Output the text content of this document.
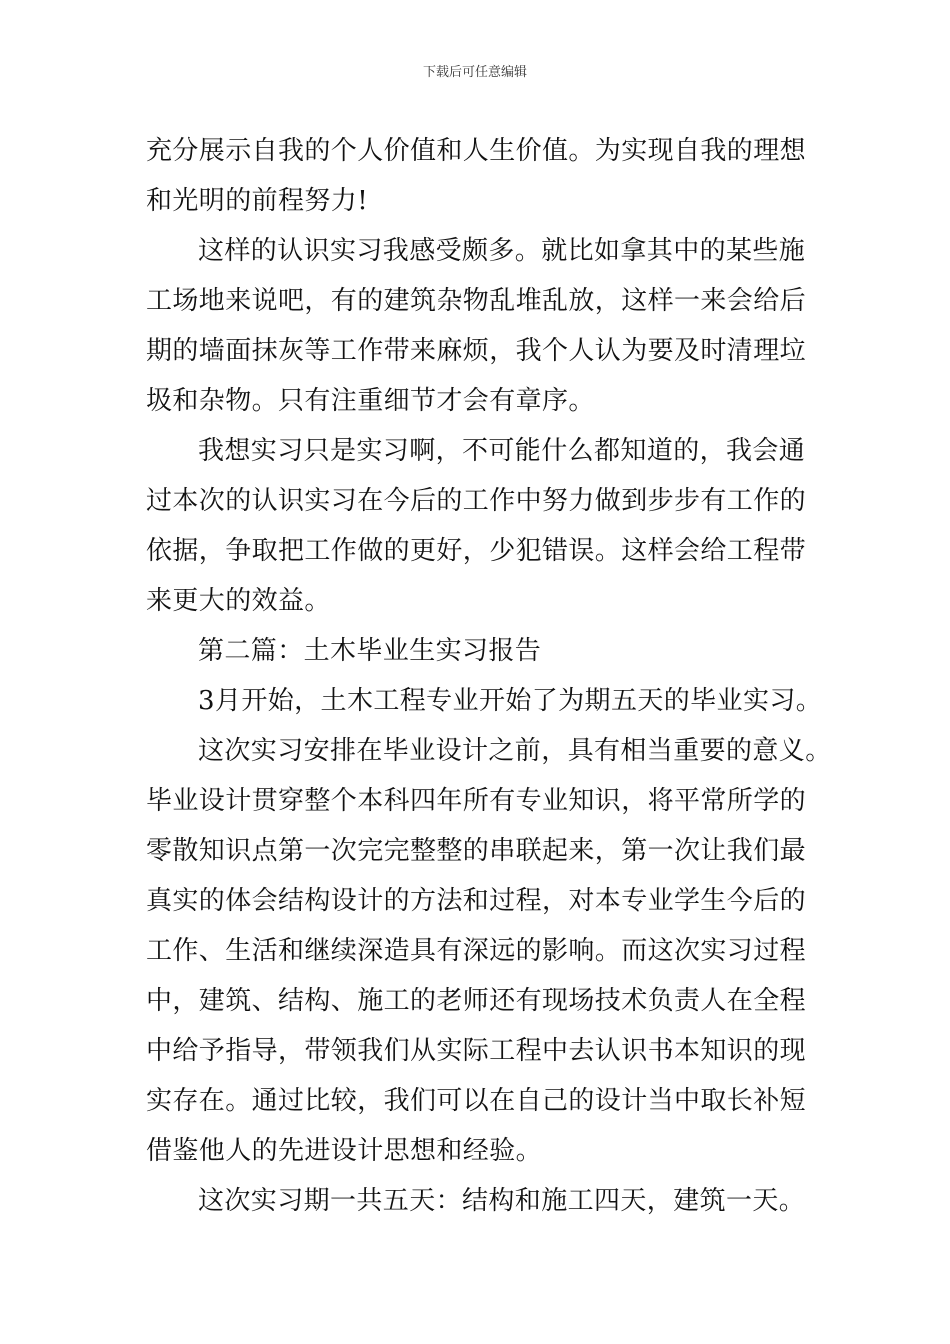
下载后可任意编辑
充分展示自我的个人价值和人生价值。为实现自我的理想
和光明的前程努力!
这样的认识实习我感受颇多。就比如拿其中的某些施
工场地来说吧，有的建筑杂物乱堆乱放，这样一来会给后
期的墙面抹灰等工作带来麻烦，我个人认为要及时清理垃
圾和杂物。只有注重细节才会有章序。
我想实习只是实习啊，不可能什么都知道的，我会通
过本次的认识实习在今后的工作中努力做到步步有工作的
依据，争取把工作做的更好，少犯错误。这样会给工程带
来更大的效益。
第二篇：土木毕业生实习报告
3月开始，土木工程专业开始了为期五天的毕业实习。
这次实习安排在毕业设计之前，具有相当重要的意义。
毕业设计贯穿整个本科四年所有专业知识，将平常所学的
零散知识点第一次完完整整的串联起来，第一次让我们最
真实的体会结构设计的方法和过程，对本专业学生今后的
工作、生活和继续深造具有深远的影响。而这次实习过程
中，建筑、结构、施工的老师还有现场技术负责人在全程
中给予指导，带领我们从实际工程中去认识书本知识的现
实存在。通过比较，我们可以在自己的设计当中取长补短
借鉴他人的先进设计思想和经验。
这次实习期一共五天：结构和施工四天，建筑一天。
